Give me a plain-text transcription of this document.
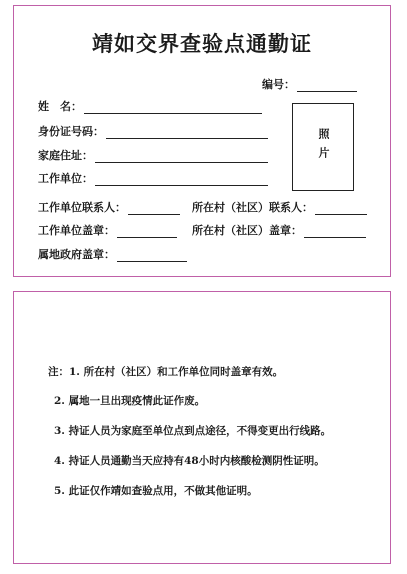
靖如交界查验点通勤证
编号：
姓　名：
身份证号码：
家庭住址：
工作单位：
照片
工作单位联系人：	所在村（社区）联系人：
工作单位盖章：	所在村（社区）盖章：
属地政府盖章：
注：1. 所在村（社区）和工作单位同时盖章有效。
2. 属地一旦出现疫情此证作废。
3. 持证人员为家庭至单位点到点途径，不得变更出行线路。
4. 持证人员通勤当天应持有48小时内核酸检测阴性证明。
5. 此证仅作靖如查验点用，不做其他证明。
